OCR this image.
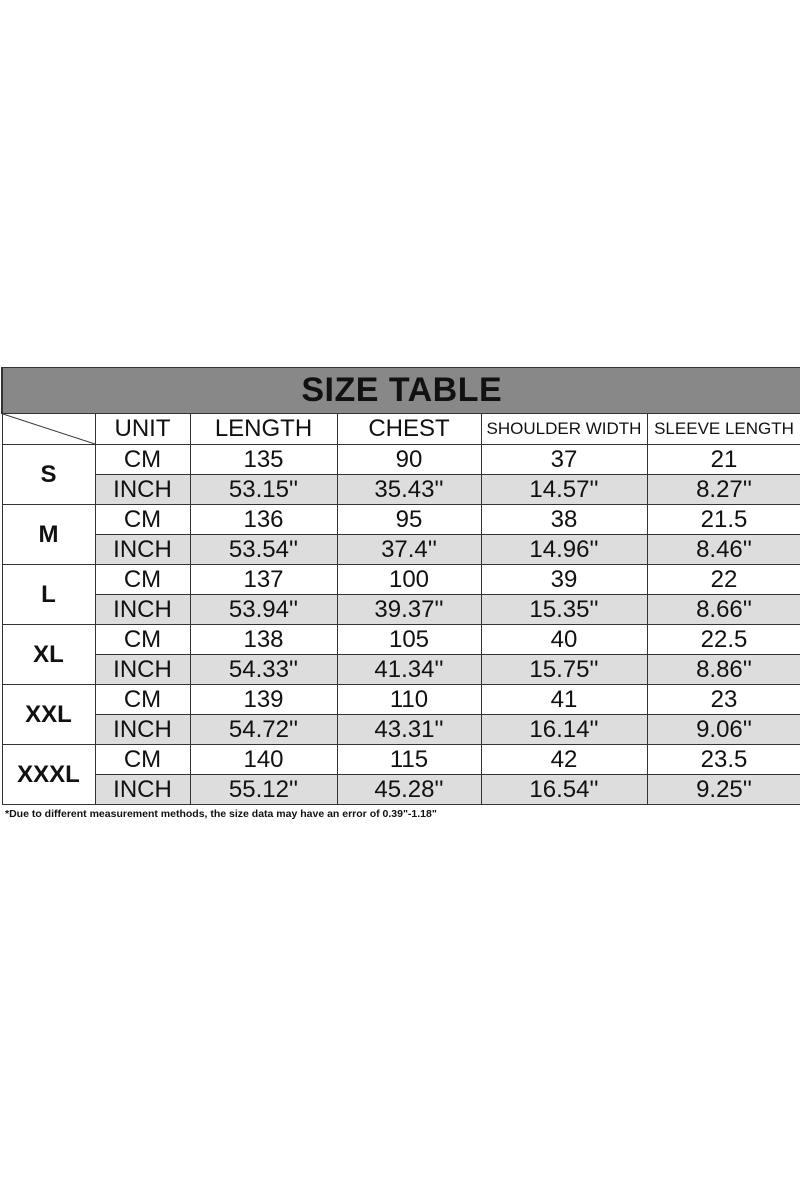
SIZE TABLE					

	UNIT	LENGTH	CHEST	SHOULDER WIDTH	SLEEVE LENGTH
S	CM	135	90	37	21
	INCH	53.15''	35.43''	14.57''	8.27''
M	CM	136	95	38	21.5
	INCH	53.54''	37.4''	14.96''	8.46''
L	CM	137	100	39	22
	INCH	53.94''	39.37''	15.35''	8.66''
XL	CM	138	105	40	22.5
	INCH	54.33''	41.34''	15.75''	8.86''
XXL	CM	139	110	41	23
	INCH	54.72''	43.31''	16.14''	9.06''
XXXL	CM	140	115	42	23.5
	INCH	55.12''	45.28''	16.54''	9.25''
*Due to different measurement methods, the size data may have an error of 0.39"-1.18"
